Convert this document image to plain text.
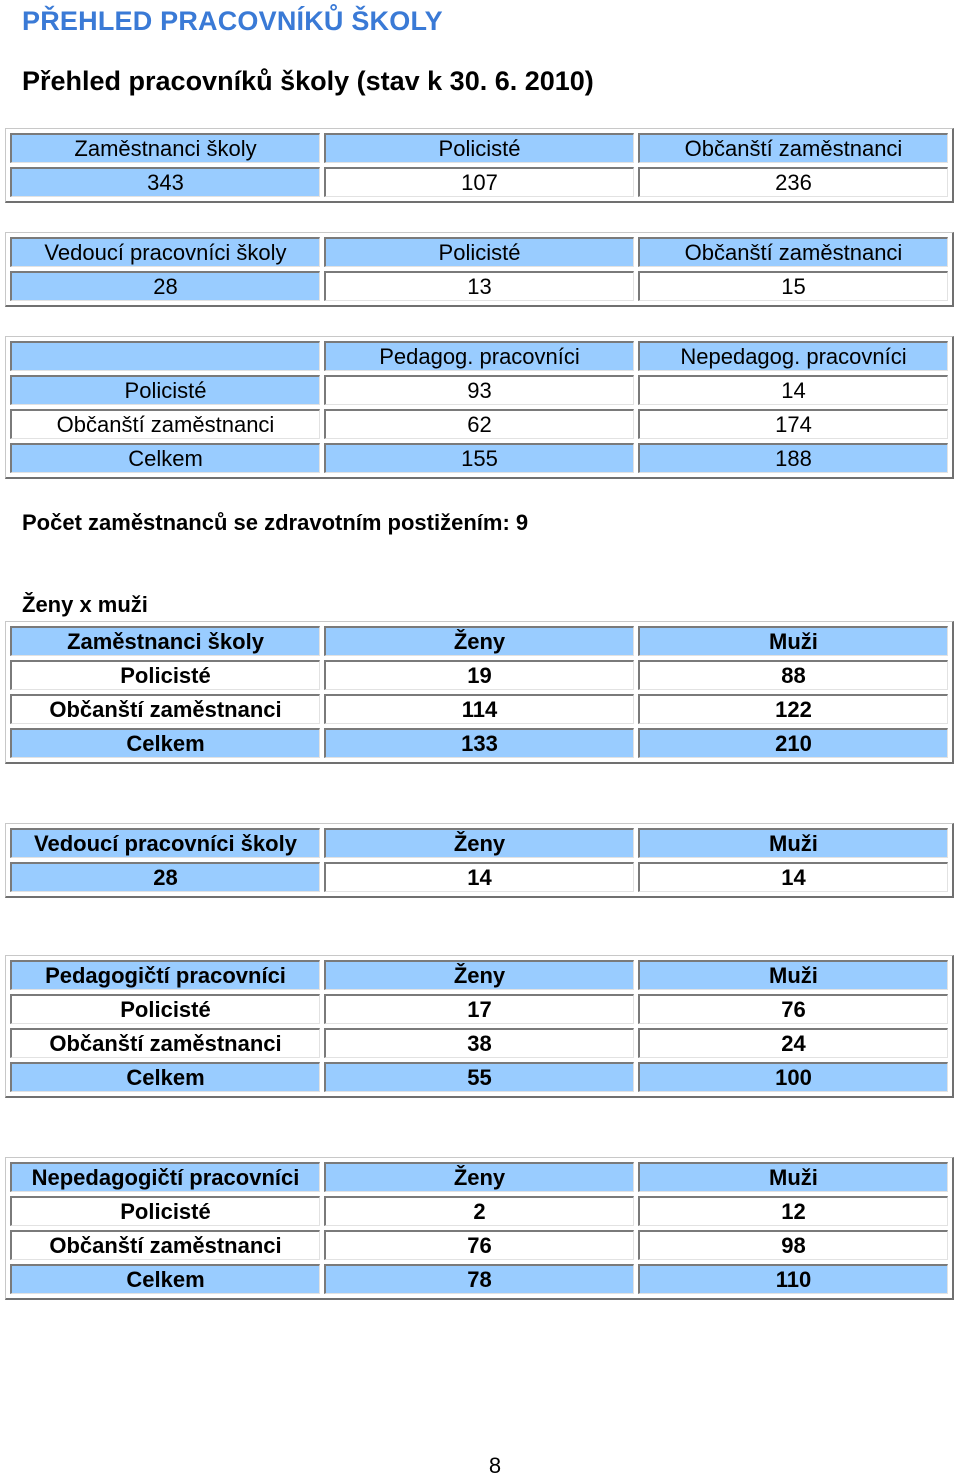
PŘEHLED PRACOVNÍKŮ ŠKOLY
Přehled pracovníků školy (stav k 30. 6. 2010)
Zaměstnanci školy	Policisté	Občanští zaměstnanci
343	107	236
Vedoucí pracovníci školy	Policisté	Občanští zaměstnanci
28	13	15
	Pedagog. pracovníci	Nepedagog. pracovníci
Policisté	93	14
Občanští zaměstnanci	62	174
Celkem	155	188

Počet zaměstnanců se zdravotním postižením: 9

Ženy x muži

Zaměstnanci školy	Ženy	Muži
Policisté	19	88
Občanští zaměstnanci	114	122
Celkem	133	210
Vedoucí pracovníci školy	Ženy	Muži
28	14	14
Pedagogičtí pracovníci	Ženy	Muži
Policisté	17	76
Občanští zaměstnanci	38	24
Celkem	55	100
Nepedagogičtí pracovníci	Ženy	Muži
Policisté	2	12
Občanští zaměstnanci	76	98
Celkem	78	110

8
